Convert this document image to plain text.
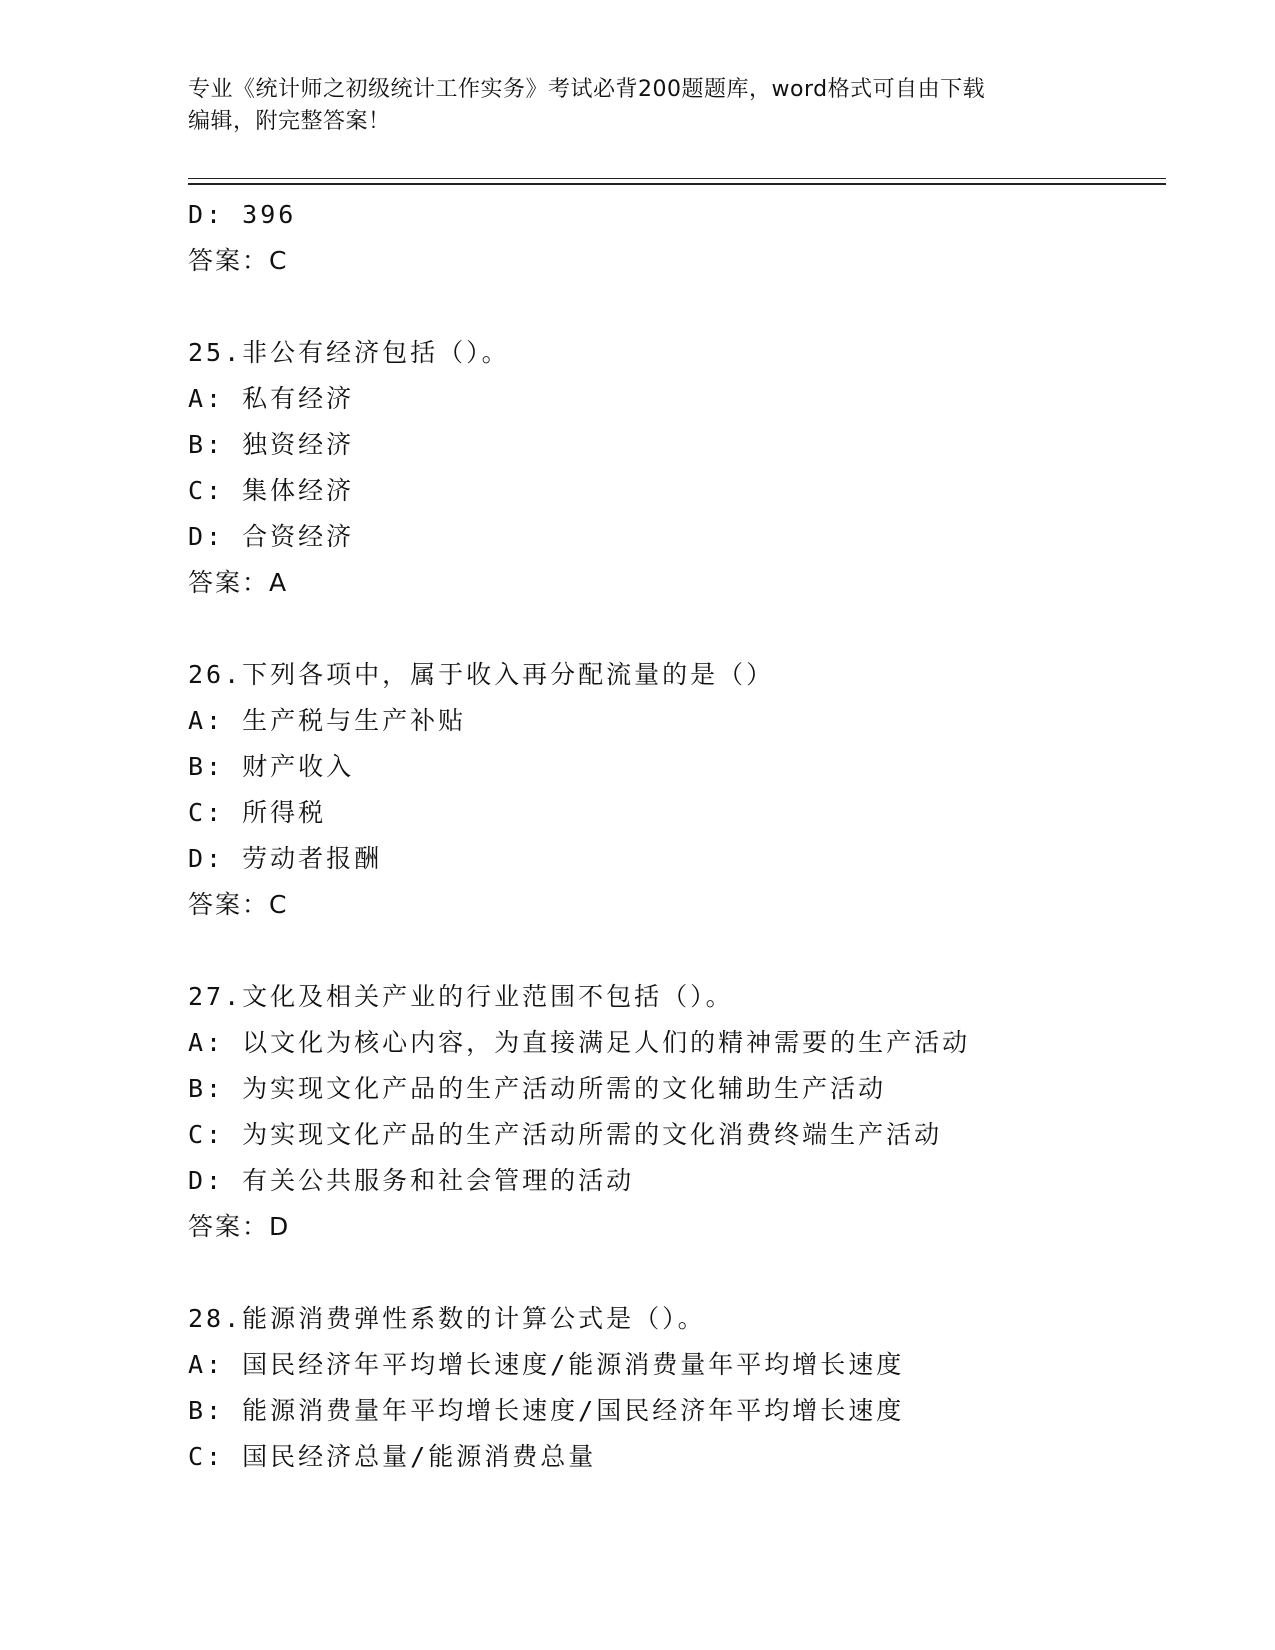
专业《统计师之初级统计工作实务》考试必背200题题库，word格式可自由下载
编辑，附完整答案！
D: 396
答案：C
25.非公有经济包括（）。
A: 私有经济
B: 独资经济
C: 集体经济
D: 合资经济
答案：A
26.下列各项中，属于收入再分配流量的是（）
A: 生产税与生产补贴
B: 财产收入
C: 所得税
D: 劳动者报酬
答案：C
27.文化及相关产业的行业范围不包括（）。
A: 以文化为核心内容，为直接满足人们的精神需要的生产活动
B: 为实现文化产品的生产活动所需的文化辅助生产活动
C: 为实现文化产品的生产活动所需的文化消费终端生产活动
D: 有关公共服务和社会管理的活动
答案：D
28.能源消费弹性系数的计算公式是（）。
A: 国民经济年平均增长速度/能源消费量年平均增长速度
B: 能源消费量年平均增长速度/国民经济年平均增长速度
C: 国民经济总量/能源消费总量
